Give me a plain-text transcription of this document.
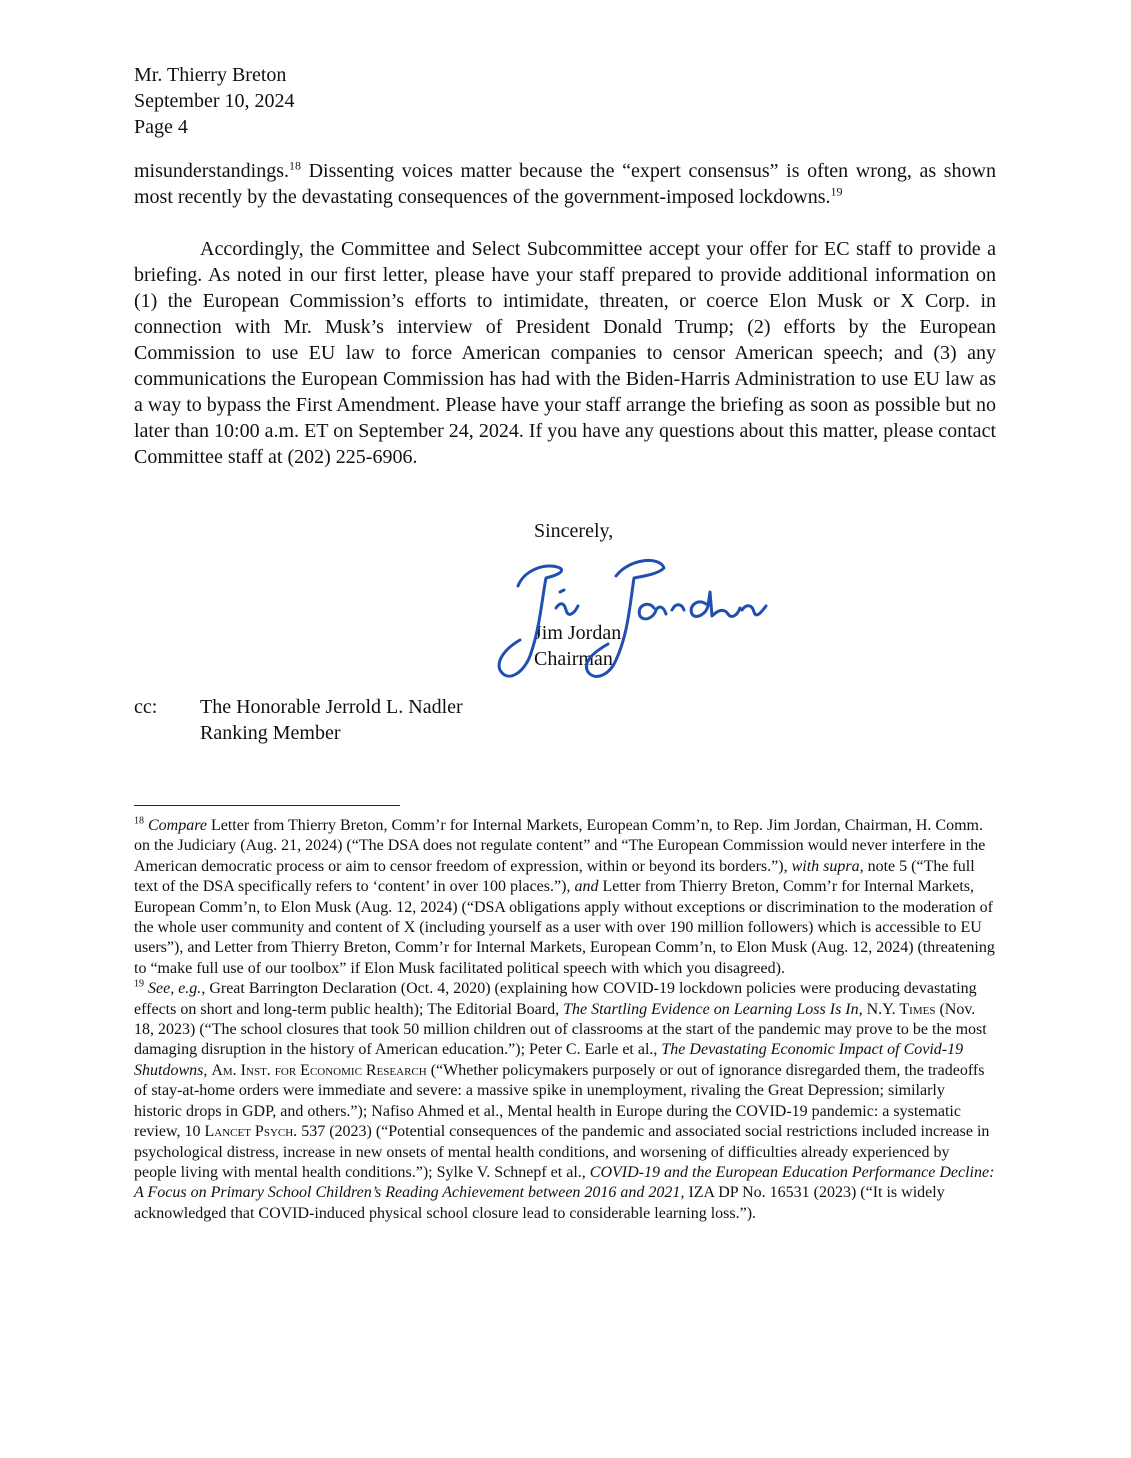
Mr. Thierry Breton
September 10, 2024
Page 4
misunderstandings.$^{18}$ Dissenting voices matter because the “expert consensus” is often wrong, as shown most recently by the devastating consequences of the government-imposed lockdowns.$^{19}$
Accordingly, the Committee and Select Subcommittee accept your offer for EC staff to provide a briefing. As noted in our first letter, please have your staff prepared to provide additional information on (1) the European Commission’s efforts to intimidate, threaten, or coerce Elon Musk or X Corp. in connection with Mr. Musk’s interview of President Donald Trump; (2) efforts by the European Commission to use EU law to force American companies to censor American speech; and (3) any communications the European Commission has had with the Biden-Harris Administration to use EU law as a way to bypass the First Amendment. Please have your staff arrange the briefing as soon as possible but no later than 10:00 a.m. ET on September 24, 2024. If you have any questions about this matter, please contact Committee staff at (202) 225-6906.
Sincerely,
Jim Jordan
Chairman
cc: The Honorable Jerrold L. Nadler
Ranking Member

$^{18}$ Compare Letter from Thierry Breton, Comm’r for Internal Markets, European Comm’n, to Rep. Jim Jordan, Chairman, H. Comm. on the Judiciary (Aug. 21, 2024) (“The DSA does not regulate content” and “The European Commission would never interfere in the American democratic process or aim to censor freedom of expression, within or beyond its borders.”), with supra, note 5 (“The full text of the DSA specifically refers to ‘content’ in over 100 places.”), and Letter from Thierry Breton, Comm’r for Internal Markets, European Comm’n, to Elon Musk (Aug. 12, 2024) (“DSA obligations apply without exceptions or discrimination to the moderation of the whole user community and content of X (including yourself as a user with over 190 million followers) which is accessible to EU users”), and Letter from Thierry Breton, Comm’r for Internal Markets, European Comm’n, to Elon Musk (Aug. 12, 2024) (threatening to “make full use of our toolbox” if Elon Musk facilitated political speech with which you disagreed).

$^{19}$ See, e.g., Great Barrington Declaration (Oct. 4, 2020) (explaining how COVID-19 lockdown policies were producing devastating effects on short and long-term public health); The Editorial Board, The Startling Evidence on Learning Loss Is In, N.Y. Times (Nov. 18, 2023) (“The school closures that took 50 million children out of classrooms at the start of the pandemic may prove to be the most damaging disruption in the history of American education.”); Peter C. Earle et al., The Devastating Economic Impact of Covid-19 Shutdowns, Am. Inst. for Economic Research (“Whether policymakers purposely or out of ignorance disregarded them, the tradeoffs of stay-at-home orders were immediate and severe: a massive spike in unemployment, rivaling the Great Depression; similarly historic drops in GDP, and others.”); Nafiso Ahmed et al., Mental health in Europe during the COVID-19 pandemic: a systematic review, 10 Lancet Psych. 537 (2023) (“Potential consequences of the pandemic and associated social restrictions included increase in psychological distress, increase in new onsets of mental health conditions, and worsening of difficulties already experienced by people living with mental health conditions.”); Sylke V. Schnepf et al., COVID-19 and the European Education Performance Decline: A Focus on Primary School Children’s Reading Achievement between 2016 and 2021, IZA DP No. 16531 (2023) (“It is widely acknowledged that COVID-induced physical school closure lead to considerable learning loss.”).
